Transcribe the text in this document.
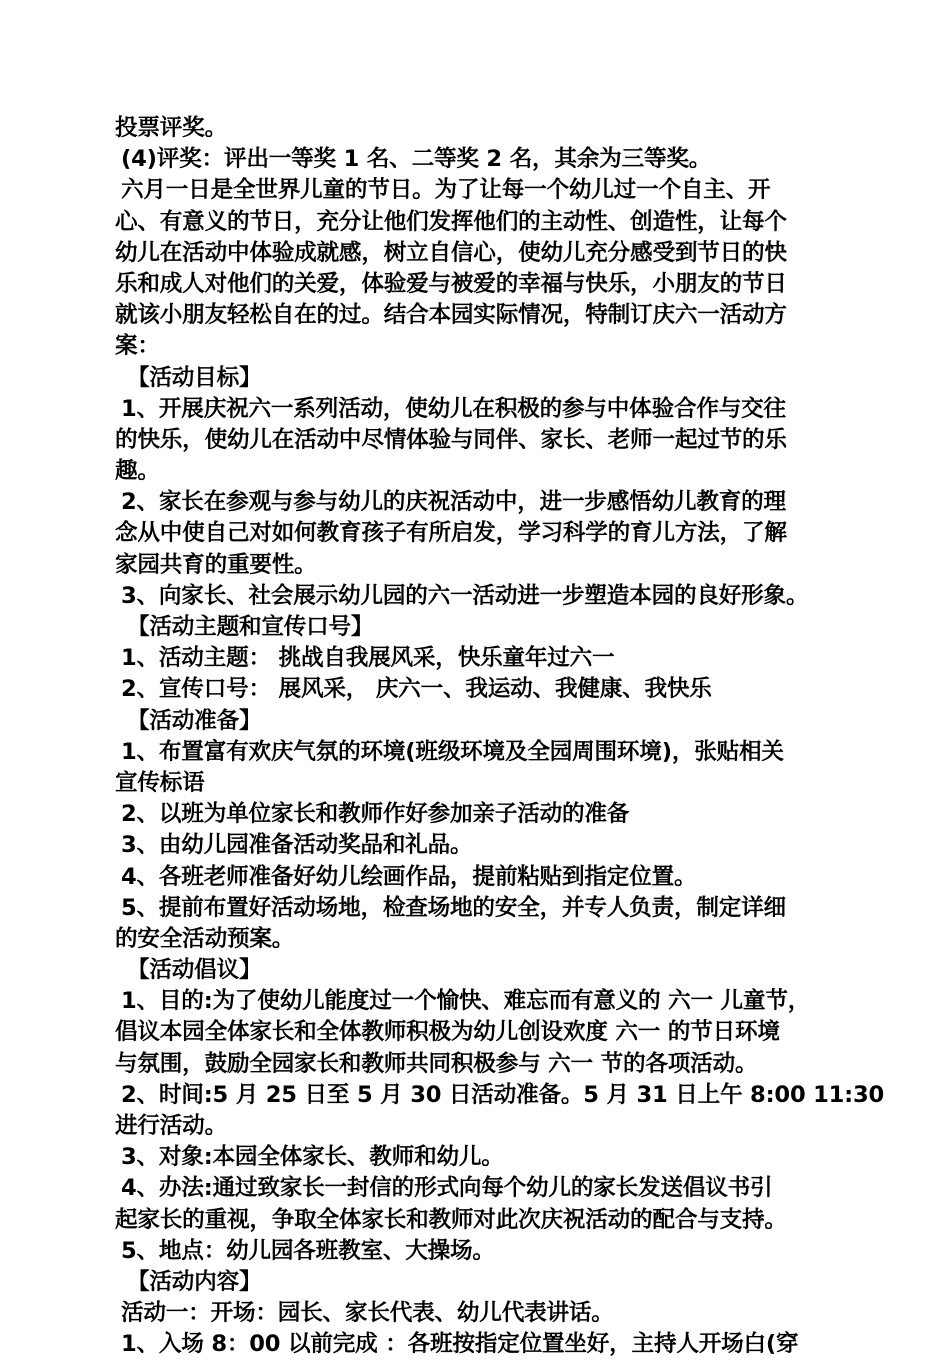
投票评奖。
(4)评奖：评出一等奖 1 名、二等奖 2 名，其余为三等奖。
六月一日是全世界儿童的节日。为了让每一个幼儿过一个自主、开
心、有意义的节日，充分让他们发挥他们的主动性、创造性，让每个
幼儿在活动中体验成就感，树立自信心，使幼儿充分感受到节日的快
乐和成人对他们的关爱，体验爱与被爱的幸福与快乐，小朋友的节日
就该小朋友轻松自在的过。结合本园实际情况，特制订庆六一活动方
案：
【活动目标】
1、开展庆祝六一系列活动，使幼儿在积极的参与中体验合作与交往
的快乐，使幼儿在活动中尽情体验与同伴、家长、老师一起过节的乐
趣。
2、家长在参观与参与幼儿的庆祝活动中，进一步感悟幼儿教育的理
念从中使自己对如何教育孩子有所启发，学习科学的育儿方法，了解
家园共育的重要性。
3、向家长、社会展示幼儿园的六一活动进一步塑造本园的良好形象。
【活动主题和宣传口号】
1、活动主题： 挑战自我展风采，快乐童年过六一
2、宣传口号： 展风采， 庆六一、我运动、我健康、我快乐
【活动准备】
1、布置富有欢庆气氛的环境(班级环境及全园周围环境)，张贴相关
宣传标语
2、以班为单位家长和教师作好参加亲子活动的准备
3、由幼儿园准备活动奖品和礼品。
4、各班老师准备好幼儿绘画作品，提前粘贴到指定位置。
5、提前布置好活动场地，检查场地的安全，并专人负责，制定详细
的安全活动预案。
【活动倡议】
1、目的:为了使幼儿能度过一个愉快、难忘而有意义的 六一 儿童节，
倡议本园全体家长和全体教师积极为幼儿创设欢度 六一 的节日环境
与氛围，鼓励全园家长和教师共同积极参与 六一 节的各项活动。
2、时间:5 月 25 日至 5 月 30 日活动准备。5 月 31 日上午 8:00 11:30
进行活动。
3、对象:本园全体家长、教师和幼儿。
4、办法:通过致家长一封信的形式向每个幼儿的家长发送倡议书引
起家长的重视，争取全体家长和教师对此次庆祝活动的配合与支持。
5、地点：幼儿园各班教室、大操场。
【活动内容】
活动一：开场：园长、家长代表、幼儿代表讲话。
1、入场 8：00 以前完成 ：各班按指定位置坐好，主持人开场白(穿
